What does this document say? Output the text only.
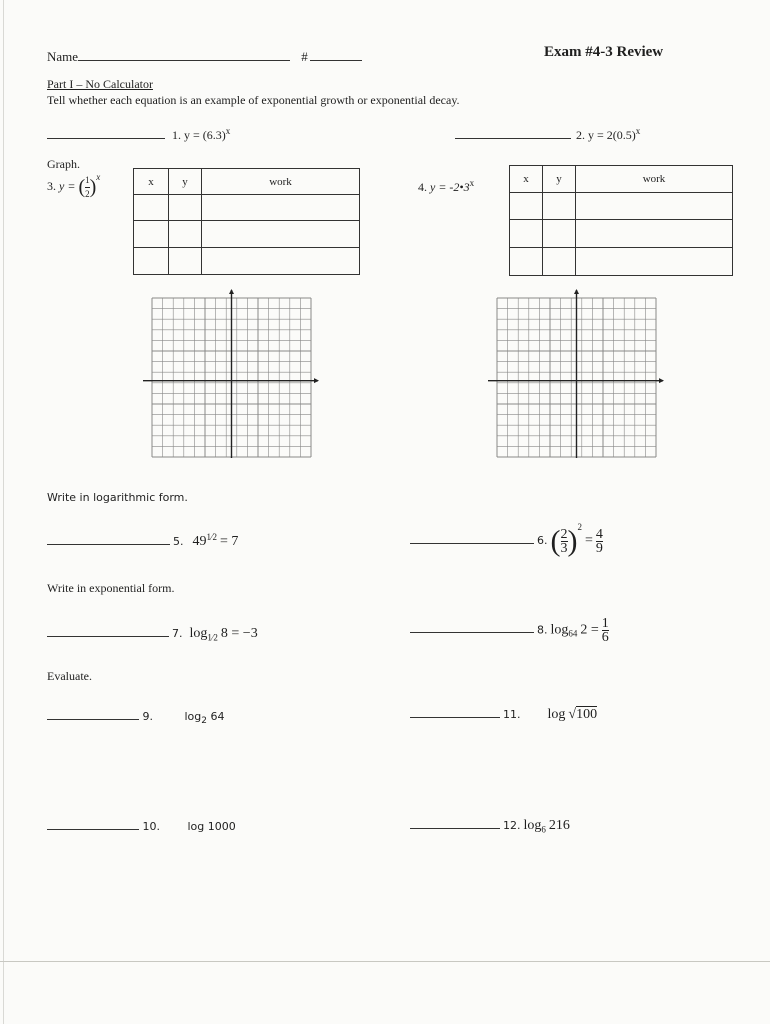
Name	#	Exam #4-3 Review
Part I – No Calculator
Tell whether each equation is an example of exponential growth or exponential decay.
1. $y = (6.3)^x$	2. $y = 2(0.5)^x$
Graph.
3. y = ( $\frac{1}{2} )^x$	x	y	work

			4. $y = -2•3^x$	x	y	work

Write in logarithmic form.
5. $49^{1⁄2} = 7$	6. ( $\frac{2}{3} )^2 = \frac{4}{9}$
Write in exponential form.
7. $\log_{1⁄2} 8 = -3$	8. $\log_{64} 2 = \frac{1}{6}$
Evaluate.
9.	$\log_2 64$	11. log √100
10.	log 1000	12. $\log_6 216$
